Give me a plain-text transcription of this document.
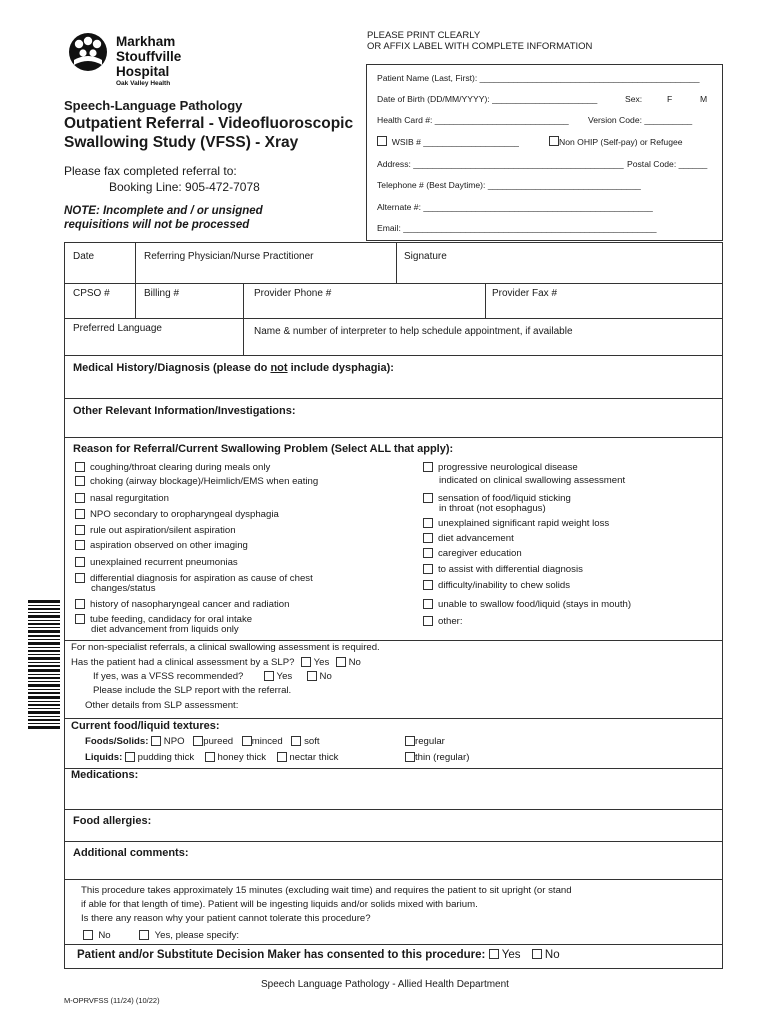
Markham
Stouffville
Hospital
Oak Valley Health
Speech-Language Pathology
Outpatient Referral - Videofluoroscopic
Swallowing Study (VFSS) - Xray
Please fax completed referral to:
Booking Line: 905-472-7078
NOTE: Incomplete and / or unsigned
requisitions will not be processed
PLEASE PRINT CLEARLY
OR AFFIX LABEL WITH COMPLETE INFORMATION
Patient Name (Last, First): ______________________________________________
Date of Birth (DD/MM/YYYY): ______________________	Sex:	F	M
Health Card #: ____________________________ Version Code: __________
WSIB # ____________________	Non OHIP (Self-pay) or Refugee
Address: ____________________________________________ Postal Code: ______
Telephone # (Best Daytime): ________________________________
Alternate #: ________________________________________________
Email: _____________________________________________________
Date	Referring Physician/Nurse Practitioner	Signature
CPSO #	Billing #	Provider Phone #	Provider Fax #
Preferred Language	Name & number of interpreter to help schedule appointment, if available
Medical History/Diagnosis (please do not include dysphagia):
Other Relevant Information/Investigations:
Reason for Referral/Current Swallowing Problem (Select ALL that apply):
coughing/throat clearing during meals only
choking (airway blockage)/Heimlich/EMS when eating
nasal regurgitation
NPO secondary to oropharyngeal dysphagia
rule out aspiration/silent aspiration
aspiration observed on other imaging
unexplained recurrent pneumonias
differential diagnosis for aspiration as cause of chest
changes/status
history of nasopharyngeal cancer and radiation
tube feeding, candidacy for oral intake
diet advancement from liquids only
progressive neurological disease
indicated on clinical swallowing assessment
sensation of food/liquid sticking
in throat (not esophagus)
unexplained significant rapid weight loss
diet advancement
caregiver education
to assist with differential diagnosis
difficulty/inability to chew solids
unable to swallow food/liquid (stays in mouth)
other:
For non-specialist referrals, a clinical swallowing assessment is required.
Has the patient had a clinical assessment by a SLP? Yes No
If yes, was a VFSS recommended?	Yes	No
Please include the SLP report with the referral.
Other details from SLP assessment:
Current food/liquid textures:
Foods/Solids: NPO pureed minced soft	regular
Liquids: pudding thick honey thick nectar thick	thin (regular)
Medications:
Food allergies:
Additional comments:
This procedure takes approximately 15 minutes (excluding wait time) and requires the patient to sit upright (or stand
if able for that length of time). Patient will be ingesting liquids and/or solids mixed with barium.
Is there any reason why your patient cannot tolerate this procedure?
No	Yes, please specify:
Patient and/or Substitute Decision Maker has consented to this procedure: Yes No
Speech Language Pathology - Allied Health Department
M-OPRVFSS (11/24) (10/22)
